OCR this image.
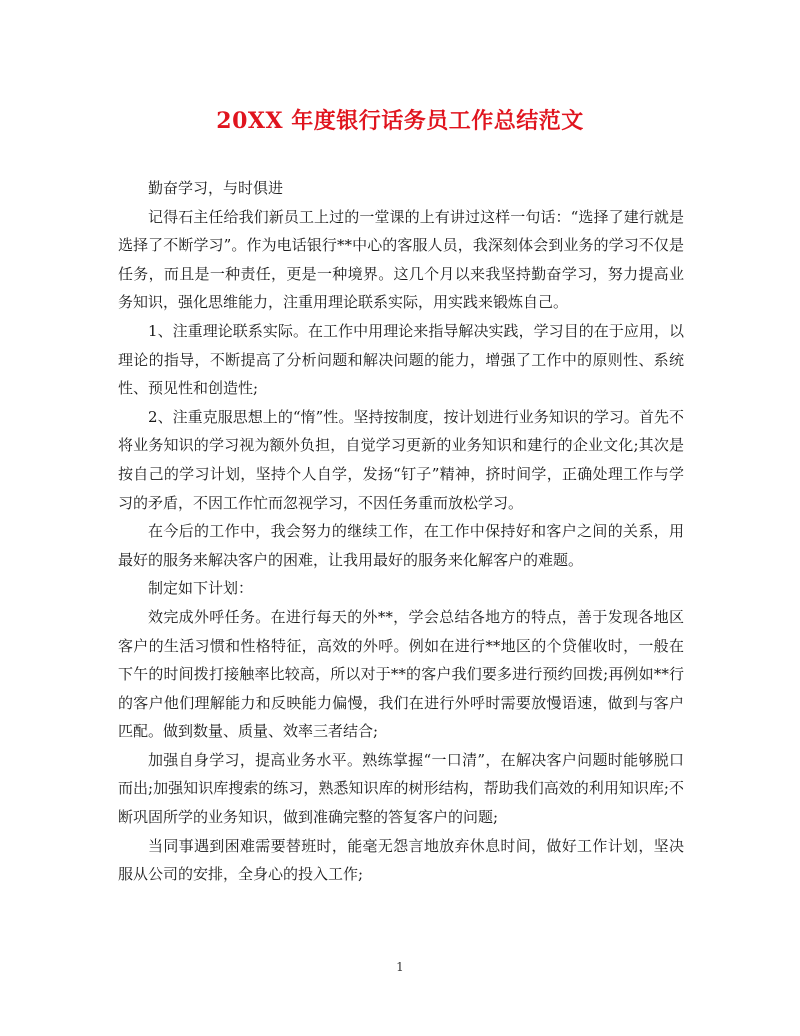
20XX 年度银行话务员工作总结范文

勤奋学习，与时俱进

记得石主任给我们新员工上过的一堂课的上有讲过这样一句话：“选择了建行就是选择了不断学习”。作为电话银行**中心的客服人员，我深刻体会到业务的学习不仅是任务，而且是一种责任，更是一种境界。这几个月以来我坚持勤奋学习，努力提高业务知识，强化思维能力，注重用理论联系实际，用实践来锻炼自己。

1、注重理论联系实际。在工作中用理论来指导解决实践，学习目的在于应用，以理论的指导，不断提高了分析问题和解决问题的能力，增强了工作中的原则性、系统性、预见性和创造性;

2、注重克服思想上的“惰”性。坚持按制度，按计划进行业务知识的学习。首先不将业务知识的学习视为额外负担，自觉学习更新的业务知识和建行的企业文化;其次是按自己的学习计划，坚持个人自学，发扬“钉子”精神，挤时间学，正确处理工作与学习的矛盾，不因工作忙而忽视学习，不因任务重而放松学习。

在今后的工作中，我会努力的继续工作，在工作中保持好和客户之间的关系，用最好的服务来解决客户的困难，让我用最好的服务来化解客户的难题。

制定如下计划：

效完成外呼任务。在进行每天的外**，学会总结各地方的特点，善于发现各地区客户的生活习惯和性格特征，高效的外呼。例如在进行**地区的个贷催收时，一般在下午的时间拨打接触率比较高，所以对于**的客户我们要多进行预约回拨;再例如**行的客户他们理解能力和反映能力偏慢，我们在进行外呼时需要放慢语速，做到与客户匹配。做到数量、质量、效率三者结合;

加强自身学习，提高业务水平。熟练掌握“一口清”，在解决客户问题时能够脱口而出;加强知识库搜索的练习，熟悉知识库的树形结构，帮助我们高效的利用知识库;不断巩固所学的业务知识，做到准确完整的答复客户的问题;

当同事遇到困难需要替班时，能毫无怨言地放弃休息时间，做好工作计划，坚决服从公司的安排，全身心的投入工作;

1
